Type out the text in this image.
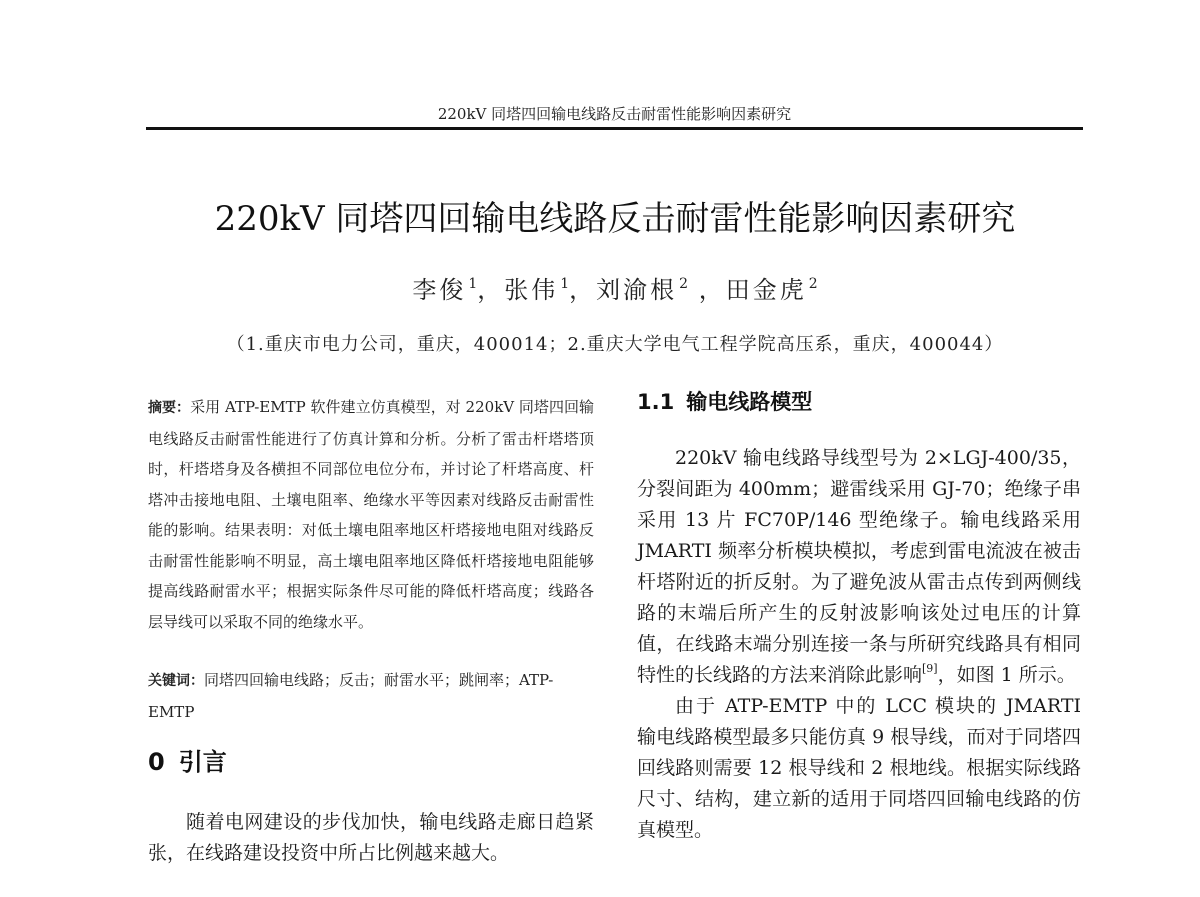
220kV 同塔四回输电线路反击耐雷性能影响因素研究
220kV 同塔四回输电线路反击耐雷性能影响因素研究
李俊 $^1$，张伟 $^1$，刘渝根 $^2$ ，田金虎 $^2$
（1.重庆市电力公司，重庆，400014；2.重庆大学电气工程学院高压系，重庆，400044）

摘要：采用 ATP-EMTP 软件建立仿真模型，对 220kV 同塔四回输电线路反击耐雷性能进行了仿真计算和分析。分析了雷击杆塔塔顶时，杆塔塔身及各横担不同部位电位分布，并讨论了杆塔高度、杆塔冲击接地电阻、土壤电阻率、绝缘水平等因素对线路反击耐雷性能的影响。结果表明：对低土壤电阻率地区杆塔接地电阻对线路反击耐雷性能影响不明显，高土壤电阻率地区降低杆塔接地电阻能够提高线路耐雷水平；根据实际条件尽可能的降低杆塔高度；线路各层导线可以采取不同的绝缘水平。

关键词：同塔四回输电线路；反击；耐雷水平；跳闸率；ATP-EMTP

0 引言

随着电网建设的步伐加快，输电线路走廊日趋紧张，在线路建设投资中所占比例越来越大。

1.1 输电线路模型

220kV 输电线路导线型号为 2×LGJ-400/35，分裂间距为 400mm；避雷线采用 GJ-70；绝缘子串采用 13 片 FC70P/146 型绝缘子。输电线路采用 JMARTI 频率分析模块模拟，考虑到雷电流波在被击杆塔附近的折反射。为了避免波从雷击点传到两侧线路的末端后所产生的反射波影响该处过电压的计算值，在线路末端分别连接一条与所研究线路具有相同特性的长线路的方法来消除此影响[9]，如图 1 所示。

由于 ATP-EMTP 中的 LCC 模块的 JMARTI 输电线路模型最多只能仿真 9 根导线，而对于同塔四回线路则需要 12 根导线和 2 根地线。根据实际线路尺寸、结构，建立新的适用于同塔四回输电线路的仿真模型。
